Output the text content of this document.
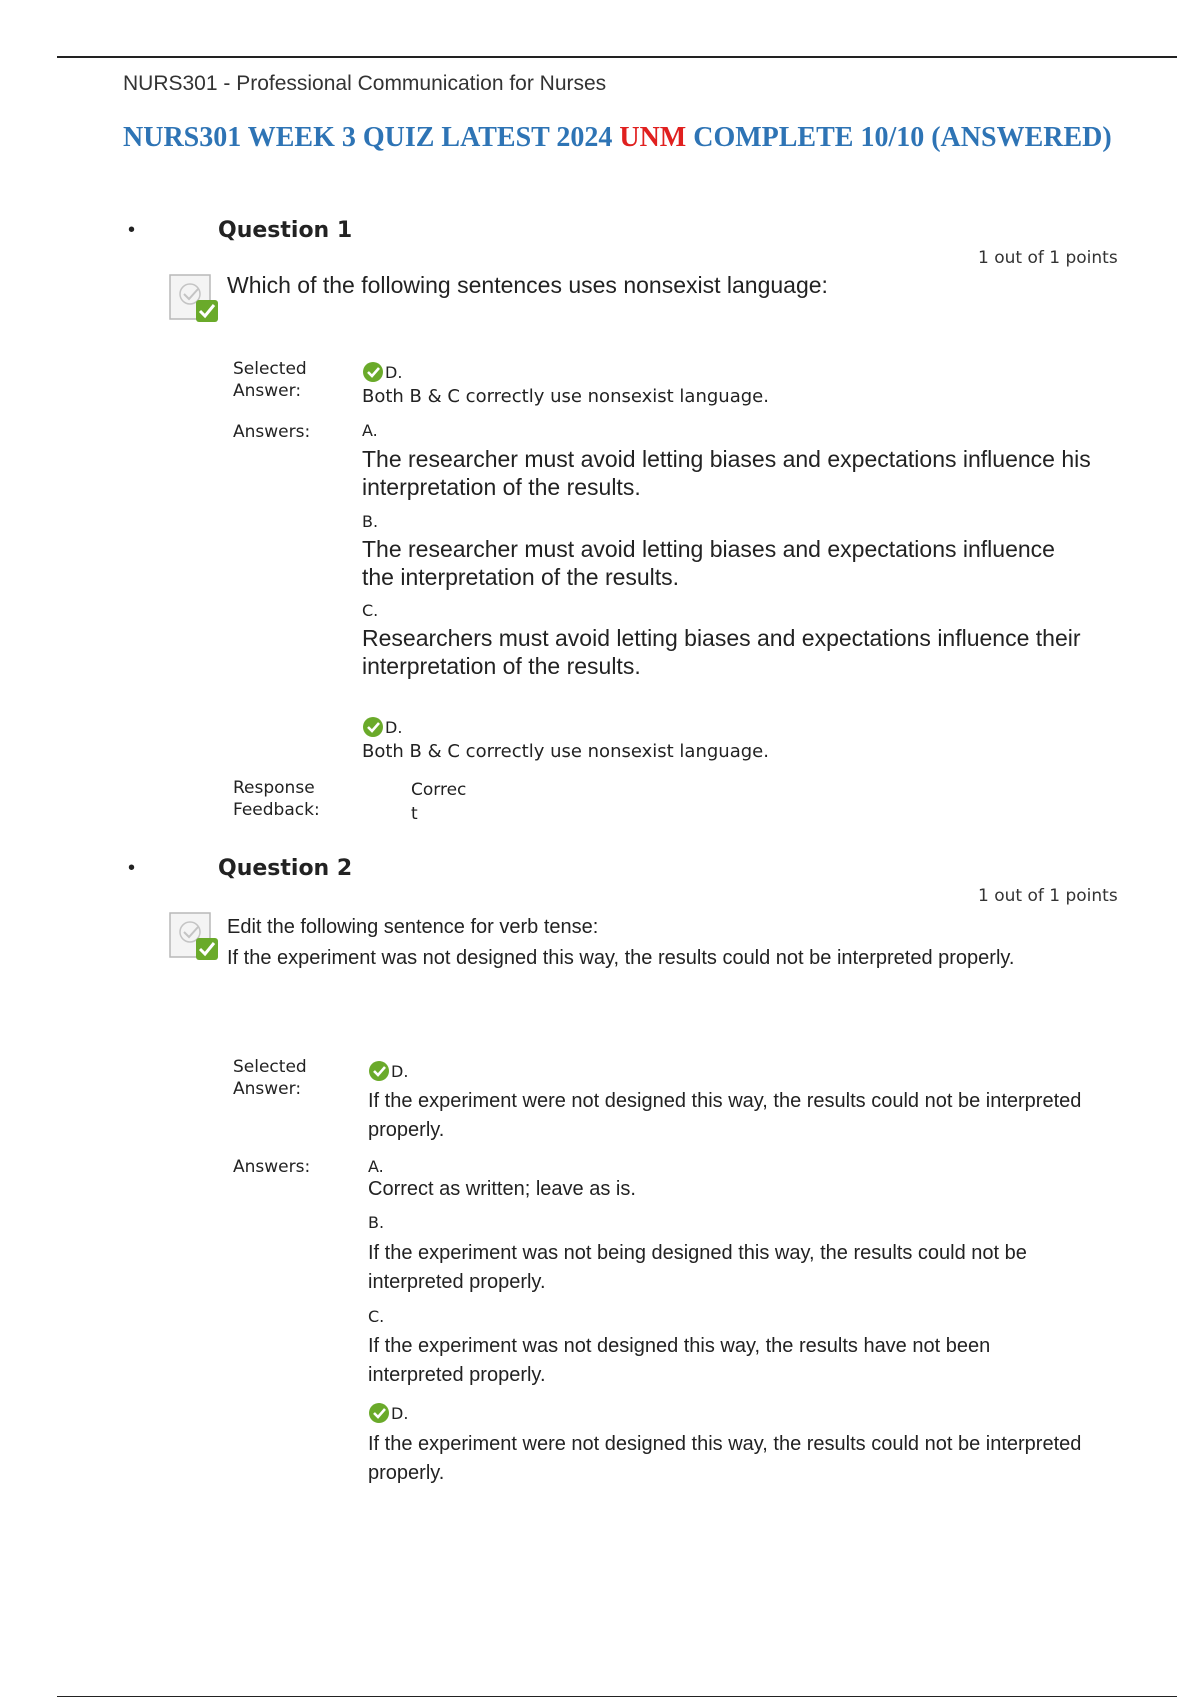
NURS301 - Professional Communication for Nurses
NURS301 WEEK 3 QUIZ LATEST 2024 UNM COMPLETE 10/10 (ANSWERED)
•	Question 1
1 out of 1 points
Which of the following sentences uses nonsexist language:
Selected
Answer:
D.
Both B & C correctly use nonsexist language.
Answers:	A.
The researcher must avoid letting biases and expectations influence his interpretation of the results.
B.
The researcher must avoid letting biases and expectations influence the interpretation of the results.
C.
Researchers must avoid letting biases and expectations influence their interpretation of the results.
D.
Both B & C correctly use nonsexist language.
Response
Feedback:
Correct
•	Question 2
1 out of 1 points
Edit the following sentence for verb tense:
If the experiment was not designed this way, the results could not be interpreted properly.
Selected
Answer:
D.
If the experiment were not designed this way, the results could not be interpreted properly.
Answers:	A.
Correct as written; leave as is.
B.
If the experiment was not being designed this way, the results could not be interpreted properly.
C.
If the experiment was not designed this way, the results have not been interpreted properly.
D.
If the experiment were not designed this way, the results could not be interpreted properly.
